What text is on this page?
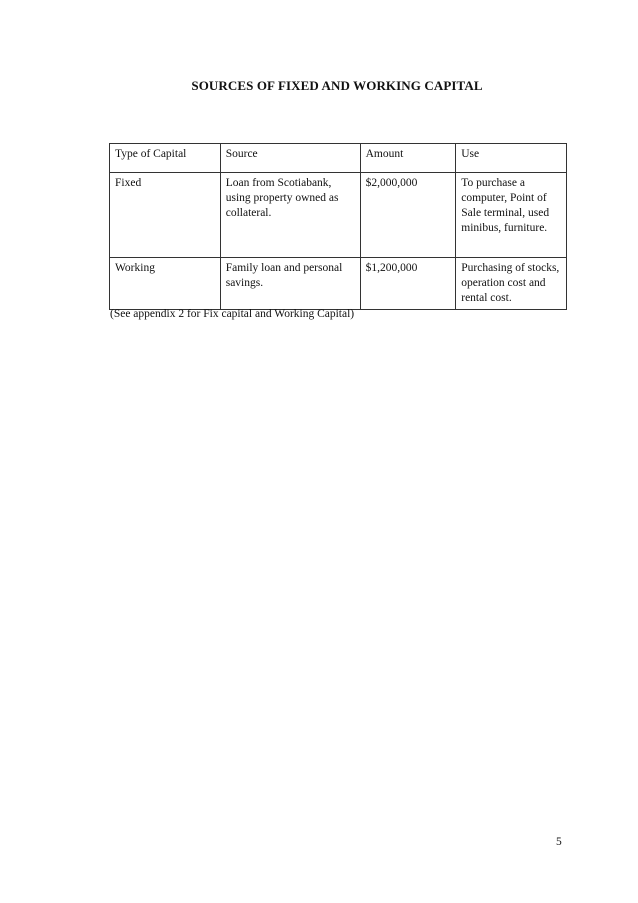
SOURCES OF FIXED AND WORKING CAPITAL
Type of Capital	Source	Amount	Use
Fixed	Loan from Scotiabank, using property owned as collateral.	$2,000,000	To purchase a computer, Point of Sale terminal, used minibus, furniture.
Working	Family loan and personal savings.	$1,200,000	Purchasing of stocks, operation cost and rental cost.
(See appendix 2 for Fix capital and Working Capital)
5
